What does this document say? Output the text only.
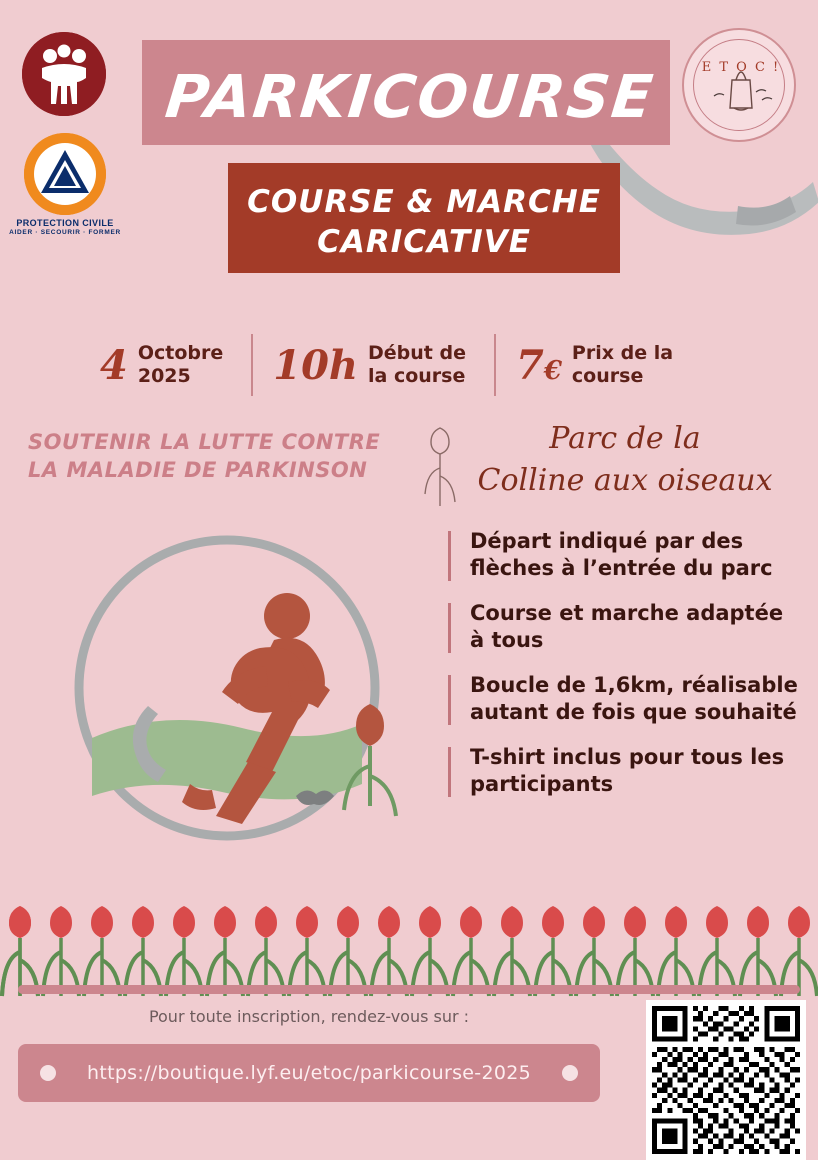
PROTECTION CIVILE
AIDER · SECOURIR · FORMER
E T O C !
PARKICOURSE
COURSE & MARCHE
CARICATIVE
4 Octobre
2025	10h Début de
la course 7€
Prix de la
course
SOUTENIR LA LUTTE CONTRE
LA MALADIE DE PARKINSON
Parc de la
Colline aux oiseaux
Départ indiqué par des flèches à l’entrée du parc
Course et marche adaptée à tous
Boucle de 1,6km, réalisable autant de fois que souhaité
T-shirt inclus pour tous les participants
Pour toute inscription, rendez-vous sur :
https://boutique.lyf.eu/etoc/parkicourse-2025
